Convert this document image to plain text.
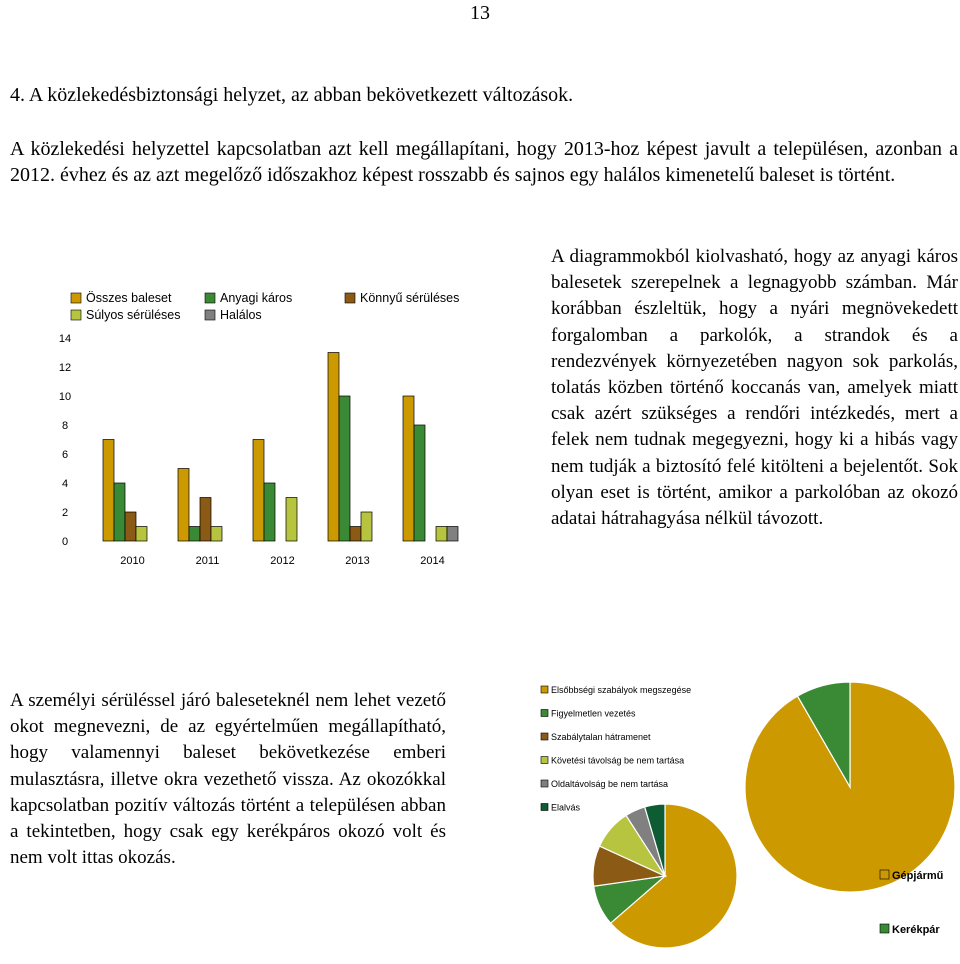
13
4. A közlekedésbiztonsági helyzet, az abban bekövetkezett változások.
A közlekedési helyzettel kapcsolatban azt kell megállapítani, hogy 2013-hoz képest javult a településen, azonban a 2012. évhez és az azt megelőző időszakhoz képest rosszabb és sajnos egy halálos kimenetelű baleset is történt.
A diagrammokból kiolvasható, hogy az anyagi káros balesetek szerepelnek a legnagyobb számban. Már korábban észleltük, hogy a nyári megnövekedett forgalomban a parkolók, a strandok és a rendezvények környezetében nagyon sok parkolás, tolatás közben történő koccanás van, amelyek miatt csak azért szükséges a rendőri intézkedés, mert a felek nem tudnak megegyezni, hogy ki a hibás vagy nem tudják a biztosító felé kitölteni a bejelentőt. Sok olyan eset is történt, amikor a parkolóban az okozó adatai hátrahagyása nélkül távozott.
A személyi sérüléssel járó baleseteknél nem lehet vezető okot megnevezni, de az egyértelműen megállapítható, hogy valamennyi baleset bekövetkezése emberi mulasztásra, illetve okra vezethető vissza. Az okozókkal kapcsolatban pozitív változás történt a településen abban a tekintetben, hogy csak egy kerékpáros okozó volt és nem volt ittas okozás.
Összes baleset	Anyagi káros	Könnyű sérüléses
Súlyos sérüléses	Halálos
0
2
4
6
8
10
12
14
2010	2011	2012	2013	2014
Elsőbbségi szabályok megszegése
Figyelmetlen vezetés
Szabálytalan hátramenet
Követési távolság be nem tartása
Oldaltávolság be nem tartása
Elalvás
Gépjármű
Kerékpár
